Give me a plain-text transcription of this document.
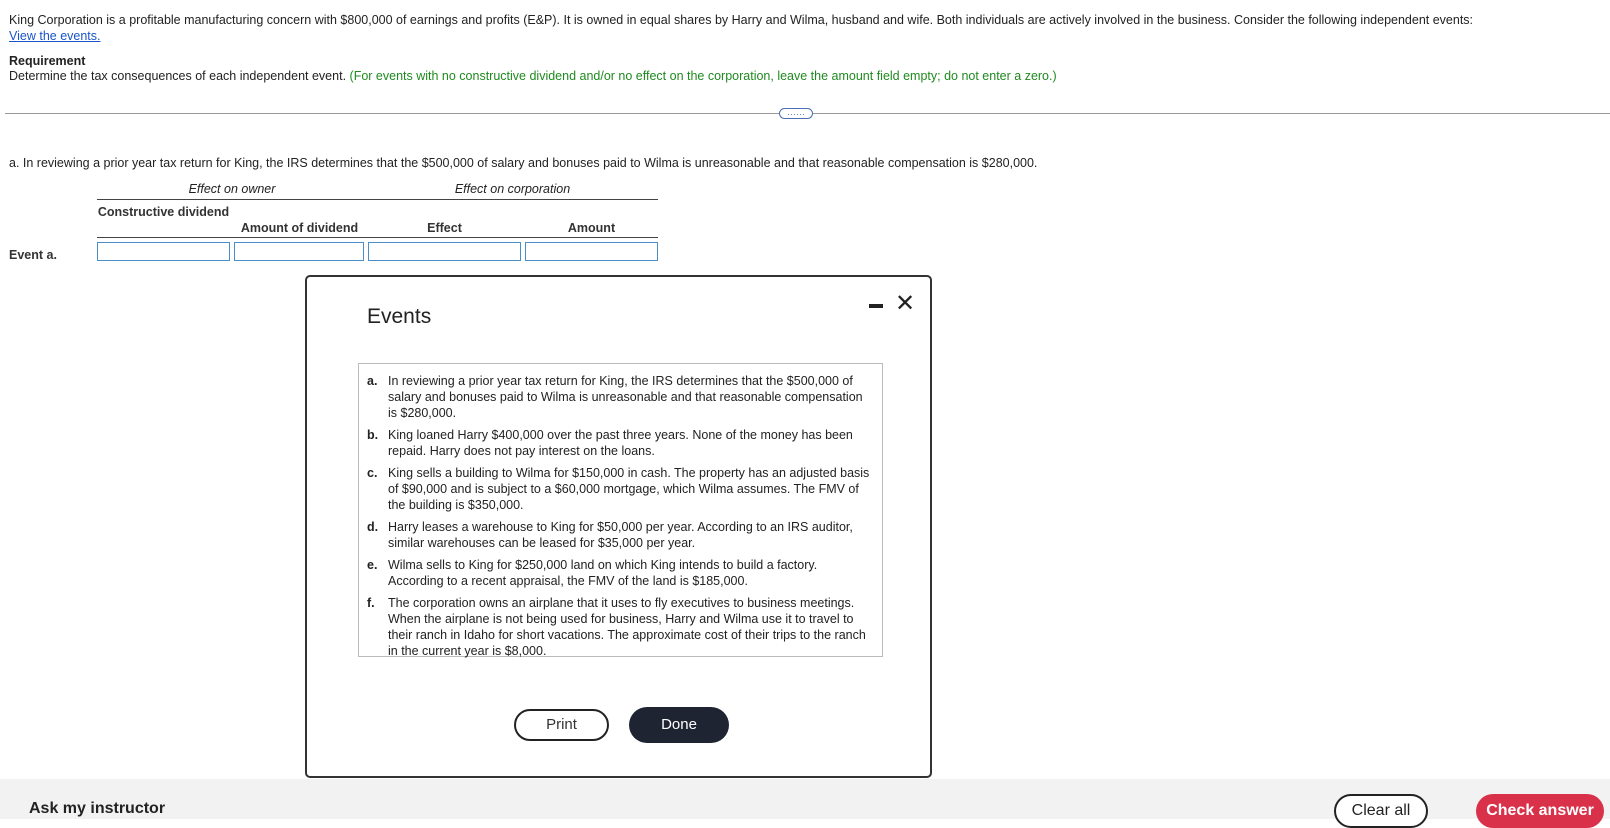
King Corporation is a profitable manufacturing concern with $800,000 of earnings and profits (E&P). It is owned in equal shares by Harry and Wilma, husband and wife. Both individuals are actively involved in the business. Consider the following independent events:
View the events.
Requirement
Determine the tax consequences of each independent event. (For events with no constructive dividend and/or no effect on the corporation, leave the amount field empty; do not enter a zero.)
……
a. In reviewing a prior year tax return for King, the IRS determines that the $500,000 of salary and bonuses paid to Wilma is unreasonable and that reasonable compensation is $280,000.
Effect on owner	Effect on corporation
Constructive dividend
Amount of dividend	Effect	Amount
Event a.
Events	✕
a. In reviewing a prior year tax return for King, the IRS determines that the $500,000 of salary and bonuses paid to Wilma is unreasonable and that reasonable compensation is $280,000.
b. King loaned Harry $400,000 over the past three years. None of the money has been repaid. Harry does not pay interest on the loans.
c. King sells a building to Wilma for $150,000 in cash. The property has an adjusted basis of $90,000 and is subject to a $60,000 mortgage, which Wilma assumes. The FMV of the building is $350,000.
d. Harry leases a warehouse to King for $50,000 per year. According to an IRS auditor, similar warehouses can be leased for $35,000 per year.
e. Wilma sells to King for $250,000 land on which King intends to build a factory. According to a recent appraisal, the FMV of the land is $185,000.
f.	The corporation owns an airplane that it uses to fly executives to business meetings. When the airplane is not being used for business, Harry and Wilma use it to travel to their ranch in Idaho for short vacations. The approximate cost of their trips to the ranch in the current year is $8,000.
Print	Done
Ask my instructor	Clear all	Check answer
